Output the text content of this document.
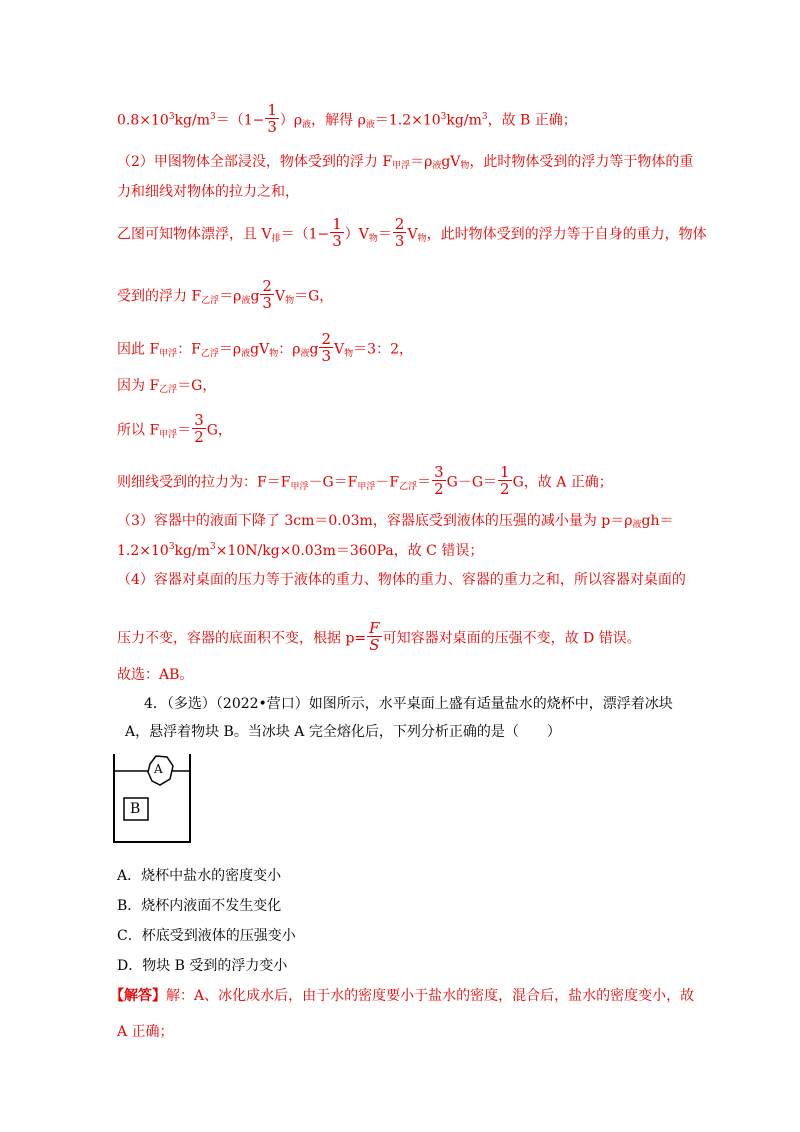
$0.8\times 10^3kg/m^3=(1- \frac{1}{3} )\rho_液$，解得 $\rho_液=1.2\times 10^3kg/m^3$，故 B 正确；
（2）甲图物体全部浸没，物体受到的浮力 $F_{甲浮}=\rho_液gV_物$，此时物体受到的浮力等于物体的重
力和细线对物体的拉力之和，
乙图可知物体漂浮，且 $V_排=(1- \frac{1}{3} )V_物= \frac{2}{3} V_物$，此时物体受到的浮力等于自身的重力，物体
受到的浮力 $F_{乙浮}=\rho_液g \frac{2}{3} V_物=G$，
因此 $F_{甲浮}$：$F_{乙浮}=\rho_液gV_物$：$\rho_液g \frac{2}{3} V_物=3$：2，
因为 $F_{乙浮}=G$，
所以 $F_{甲浮}= \frac{3}{2}$ G，
则细线受到的拉力为：$F=F_{甲浮}-G=F_{甲浮}-F_{乙浮}= \frac{3}{2} G-G= \frac{1}{2}$ G，故 A 正确；
（3）容器中的液面下降了 3cm＝0.03m，容器底受到液体的压强的减小量为 $p=\rho_液gh=$
$1.2\times 10^3kg/m^3\times 10N/kg\times 0.03m=360Pa$，故 C 错误；
（4）容器对桌面的压力等于液体的重力、物体的重力、容器的重力之和，所以容器对桌面的
压力不变，容器的底面积不变，根据 $p= \frac{F}{S}$ 可知容器对桌面的压强不变，故 D 错误。
故选：AB。
4．（多选）（2022•营口）如图所示，水平桌面上盛有适量盐水的烧杯中，漂浮着冰块
A，悬浮着物块 B。当冰块 A 完全熔化后，下列分析正确的是（　　）
A
B
A．烧杯中盐水的密度变小
B．烧杯内液面不发生变化
C．杯底受到液体的压强变小
D．物块 B 受到的浮力变小
【解答】解：A、冰化成水后，由于水的密度要小于盐水的密度，混合后，盐水的密度变小，故
A 正确；
